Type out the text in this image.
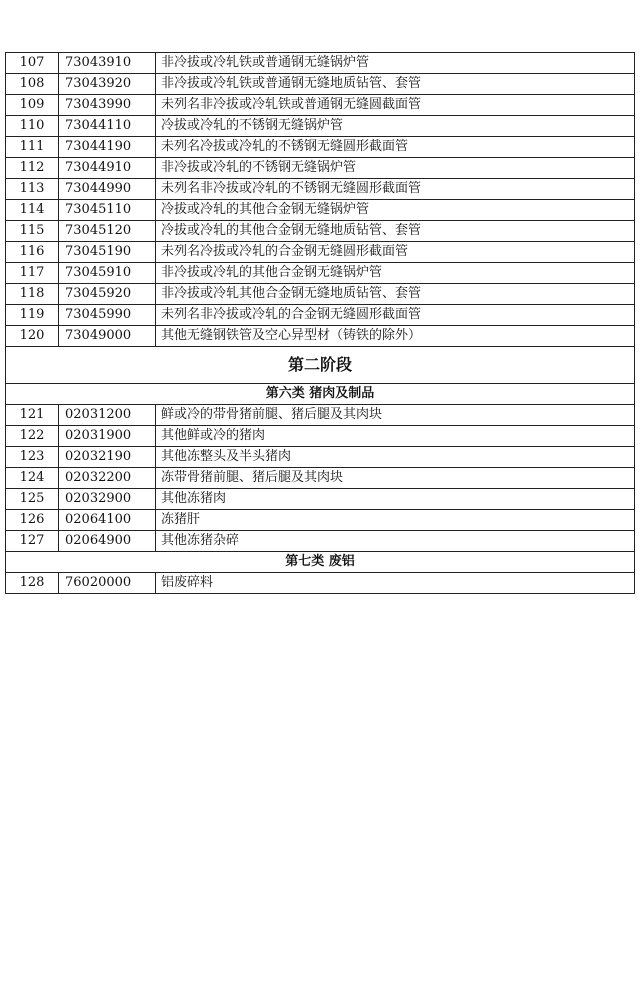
107	73043910	非冷拔或冷轧铁或普通钢无缝锅炉管
108	73043920	非冷拔或冷轧铁或普通钢无缝地质钻管、套管
109	73043990	未列名非冷拔或冷轧铁或普通钢无缝圆截面管
110	73044110	冷拔或冷轧的不锈钢无缝锅炉管
111	73044190	未列名冷拔或冷轧的不锈钢无缝圆形截面管
112	73044910	非冷拔或冷轧的不锈钢无缝锅炉管
113	73044990	未列名非冷拔或冷轧的不锈钢无缝圆形截面管
114	73045110	冷拔或冷轧的其他合金钢无缝锅炉管
115	73045120	冷拔或冷轧的其他合金钢无缝地质钻管、套管
116	73045190	未列名冷拔或冷轧的合金钢无缝圆形截面管
117	73045910	非冷拔或冷轧的其他合金钢无缝锅炉管
118	73045920	非冷拔或冷轧其他合金钢无缝地质钻管、套管
119	73045990	未列名非冷拔或冷轧的合金钢无缝圆形截面管
120	73049000	其他无缝钢铁管及空心异型材（铸铁的除外）
第二阶段		
第六类 猪肉及制品		
121	02031200	鲜或冷的带骨猪前腿、猪后腿及其肉块
122	02031900	其他鲜或冷的猪肉
123	02032190	其他冻整头及半头猪肉
124	02032200	冻带骨猪前腿、猪后腿及其肉块
125	02032900	其他冻猪肉
126	02064100	冻猪肝
127	02064900	其他冻猪杂碎
第七类 废铝		
128	76020000	铝废碎料
